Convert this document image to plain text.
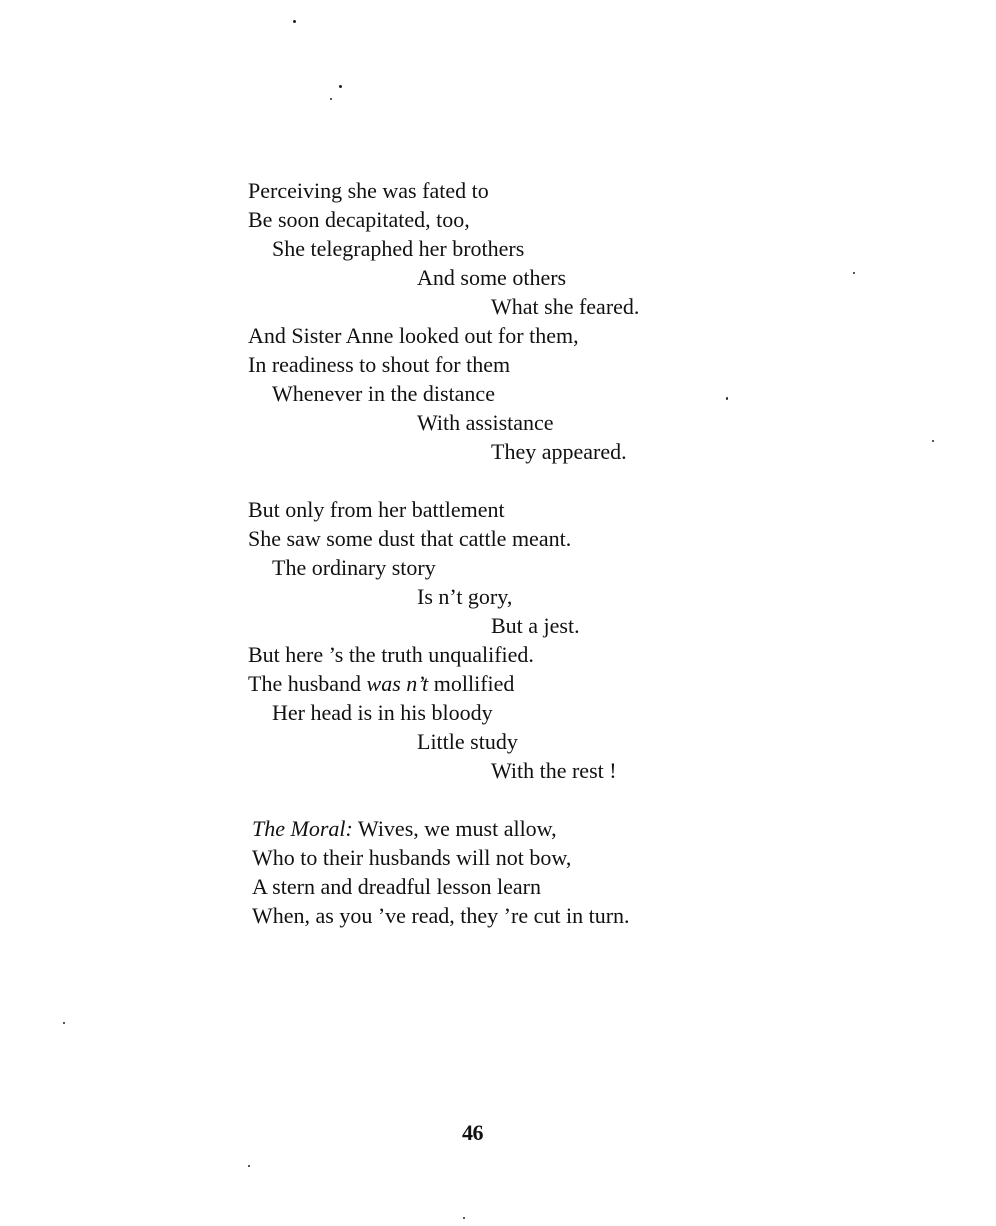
Perceiving she was fated to
Be soon decapitated, too,
She telegraphed her brothers
And some others
What she feared.
And Sister Anne looked out for them,
In readiness to shout for them
Whenever in the distance
With assistance
They appeared.
But only from her battlement
She saw some dust that cattle meant.
The ordinary story
Is n’t gory,
But a jest.
But here ’s the truth unqualified.
The husband was n’t mollified
Her head is in his bloody
Little study
With the rest !
The Moral: Wives, we must allow,
Who to their husbands will not bow,
A stern and dreadful lesson learn
When, as you ’ve read, they ’re cut in turn.
46
